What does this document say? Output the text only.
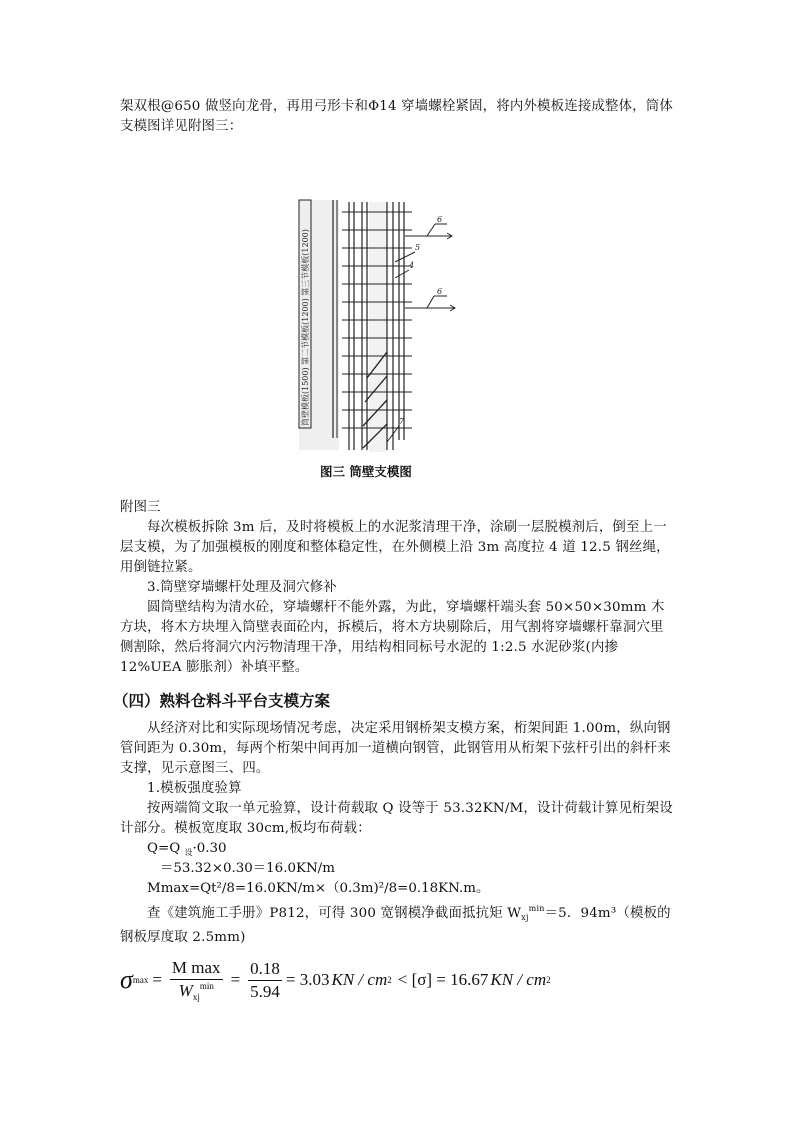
架双根@650 做竖向龙骨，再用弓形卡和Φ14 穿墙螺栓紧固，将内外模板连接成整体，筒体
支模图详见附图三：
6
5
4
6
7
筒壁模板(1500) 第二节模板(1200) 第三节模板(1200)
图三 筒壁支模图
附图三
每次模板拆除 3m 后，及时将模板上的水泥浆清理干净，涂刷一层脱模剂后，倒至上一层支模，为了加强模板的刚度和整体稳定性，在外侧模上沿 3m 高度拉 4 道 12.5 钢丝绳，用倒链拉紧。
3.筒壁穿墙螺杆处理及洞穴修补
圆筒壁结构为清水砼，穿墙螺杆不能外露，为此，穿墙螺杆端头套 50×50×30mm 木方块，将木方块埋入筒壁表面砼内，拆模后，将木方块剔除后，用气割将穿墙螺杆靠洞穴里侧割除，然后将洞穴内污物清理干净，用结构相同标号水泥的 1:2.5 水泥砂浆(内掺 12%UEA 膨胀剂）补填平整。
（四）熟料仓料斗平台支模方案
从经济对比和实际现场情况考虑，决定采用钢桥架支模方案，桁架间距 1.00m，纵向钢管间距为 0.30m，每两个桁架中间再加一道横向钢管，此钢管用从桁架下弦杆引出的斜杆来支撑，见示意图三、四。
1.模板强度验算
按两端简文取一单元验算，设计荷载取 Q 设等于 53.32KN/M，设计荷载计算见桁架设计部分。模板宽度取 30cm,板均布荷载：
Q=Q $_设$·0.30
＝53.32×0.30＝16.0KN/m
Mmax=Qt²/8=16.0KN/m×（0.3m)²/8=0.18KN.m。
查《建筑施工手册》P812，可得 300 宽钢模净截面抵抗矩 $W_{xj}^{min}=5$．94m³（模板的钢板厚度取 2.5mm)
σ $\max = \frac{\text{M max}}{W_{xj}^{min}} = \frac{0.18}{5.94} = 3.03$ KN / cm 2 < [σ] = 16.67 KN / cm 2
